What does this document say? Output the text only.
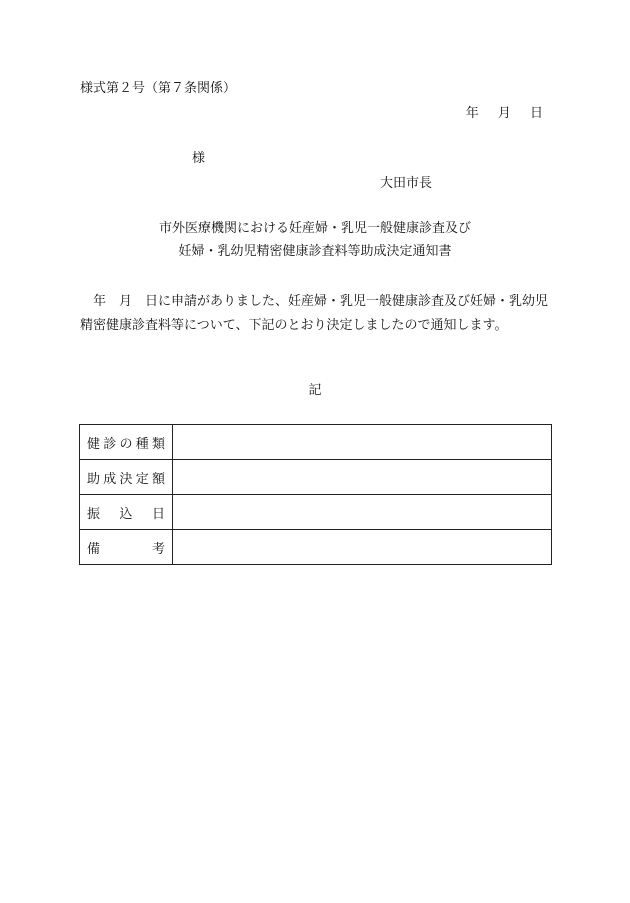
様式第２号（第７条関係）
年 月 日
様
大田市長
市外医療機関における妊産婦・乳児一般健康診査及び
妊婦・乳幼児精密健康診査料等助成決定通知書
年　月　日に申請がありました、妊産婦・乳児一般健康診査及び妊婦・乳幼児精密健康診査料等について、下記のとおり決定しましたので通知します。
記
健診の種類	
助成決定額	
振込日	
備考	
